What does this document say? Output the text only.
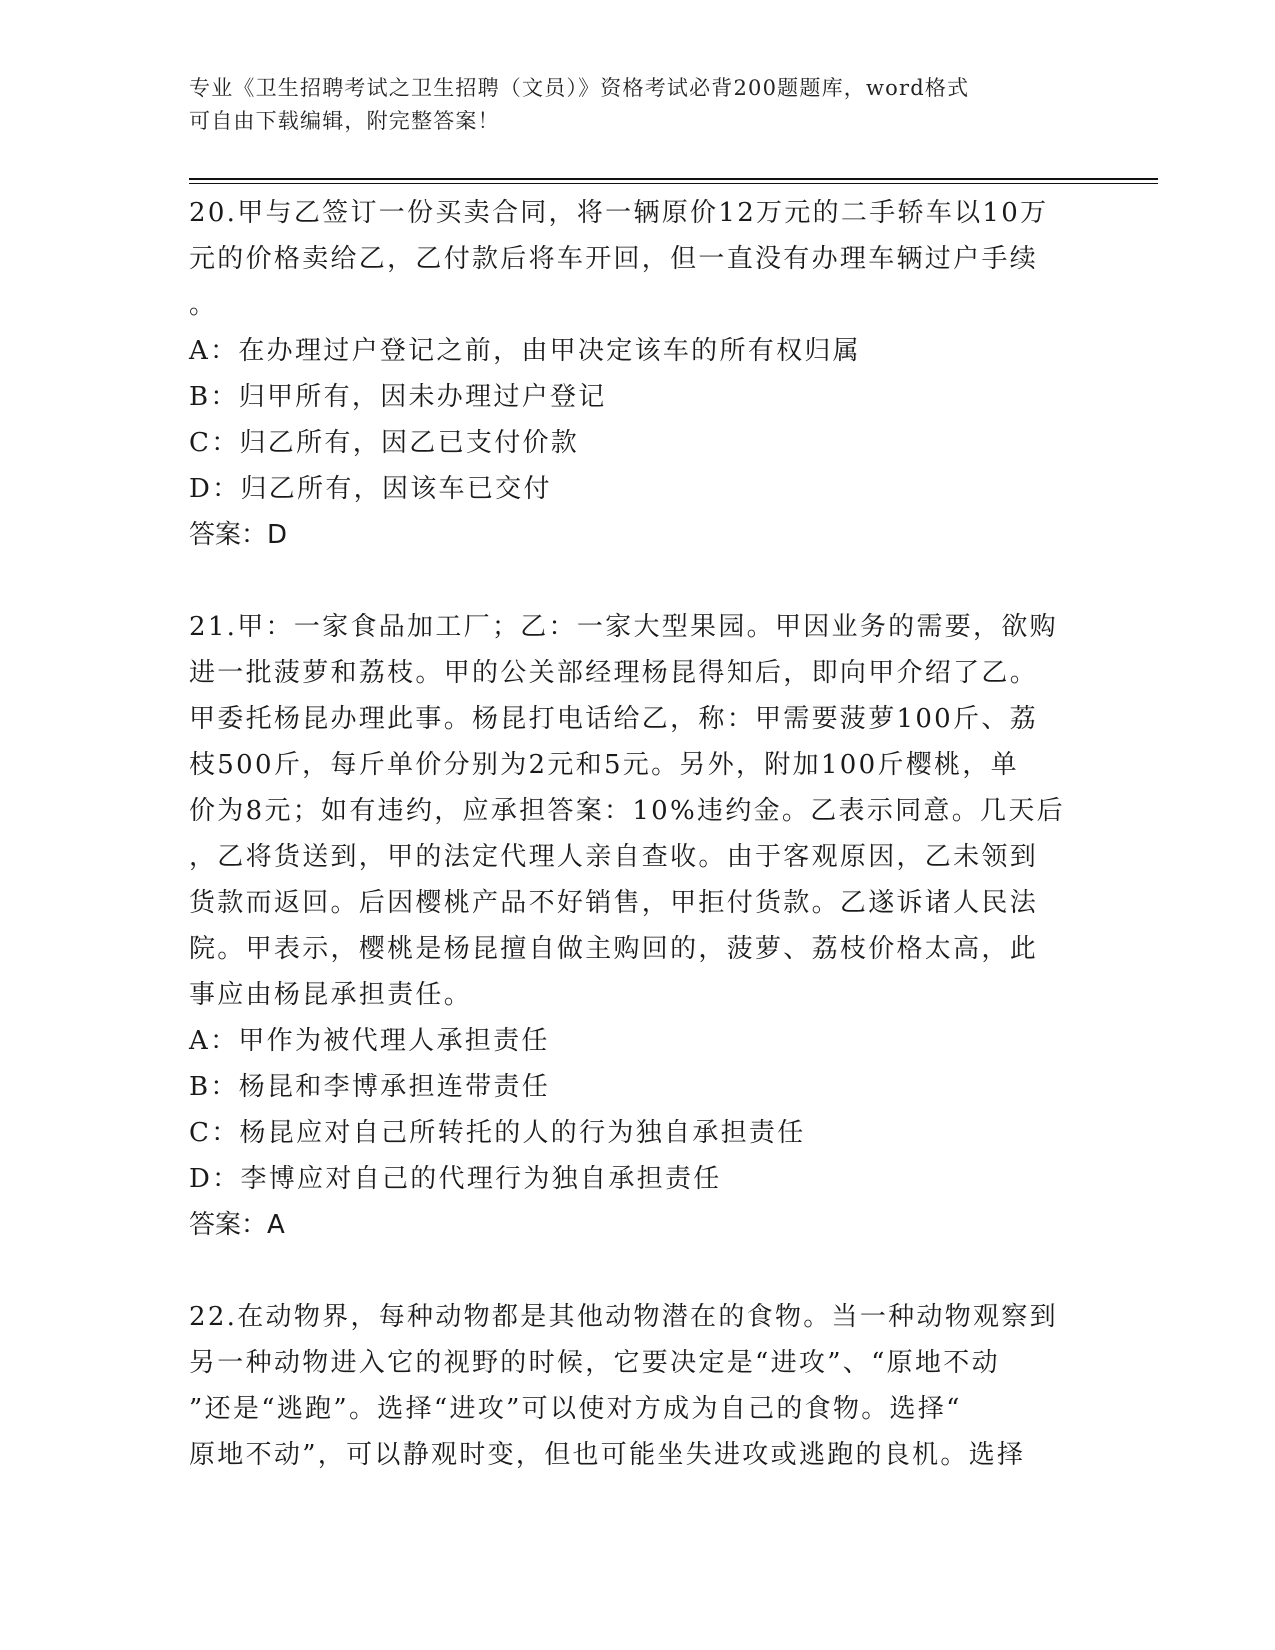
专业《卫生招聘考试之卫生招聘（文员）》资格考试必背200题题库，word格式
可自由下载编辑，附完整答案！
20.甲与乙签订一份买卖合同，将一辆原价12万元的二手轿车以10万
元的价格卖给乙，乙付款后将车开回，但一直没有办理车辆过户手续
。
A：在办理过户登记之前，由甲决定该车的所有权归属
B：归甲所有，因未办理过户登记
C：归乙所有，因乙已支付价款
D：归乙所有，因该车已交付
答案：D
21.甲：一家食品加工厂；乙：一家大型果园。甲因业务的需要，欲购
进一批菠萝和荔枝。甲的公关部经理杨昆得知后，即向甲介绍了乙。
甲委托杨昆办理此事。杨昆打电话给乙，称：甲需要菠萝100斤、荔
枝500斤，每斤单价分别为2元和5元。另外，附加100斤樱桃，单
价为8元；如有违约，应承担答案：10%违约金。乙表示同意。几天后
，乙将货送到，甲的法定代理人亲自查收。由于客观原因，乙未领到
货款而返回。后因樱桃产品不好销售，甲拒付货款。乙遂诉诸人民法
院。甲表示，樱桃是杨昆擅自做主购回的，菠萝、荔枝价格太高，此
事应由杨昆承担责任。
A：甲作为被代理人承担责任
B：杨昆和李博承担连带责任
C：杨昆应对自己所转托的人的行为独自承担责任
D：李博应对自己的代理行为独自承担责任
答案：A
22.在动物界，每种动物都是其他动物潜在的食物。当一种动物观察到
另一种动物进入它的视野的时候，它要决定是“进攻”、“原地不动
”还是“逃跑”。选择“进攻”可以使对方成为自己的食物。选择“
原地不动”，可以静观时变，但也可能坐失进攻或逃跑的良机。选择
